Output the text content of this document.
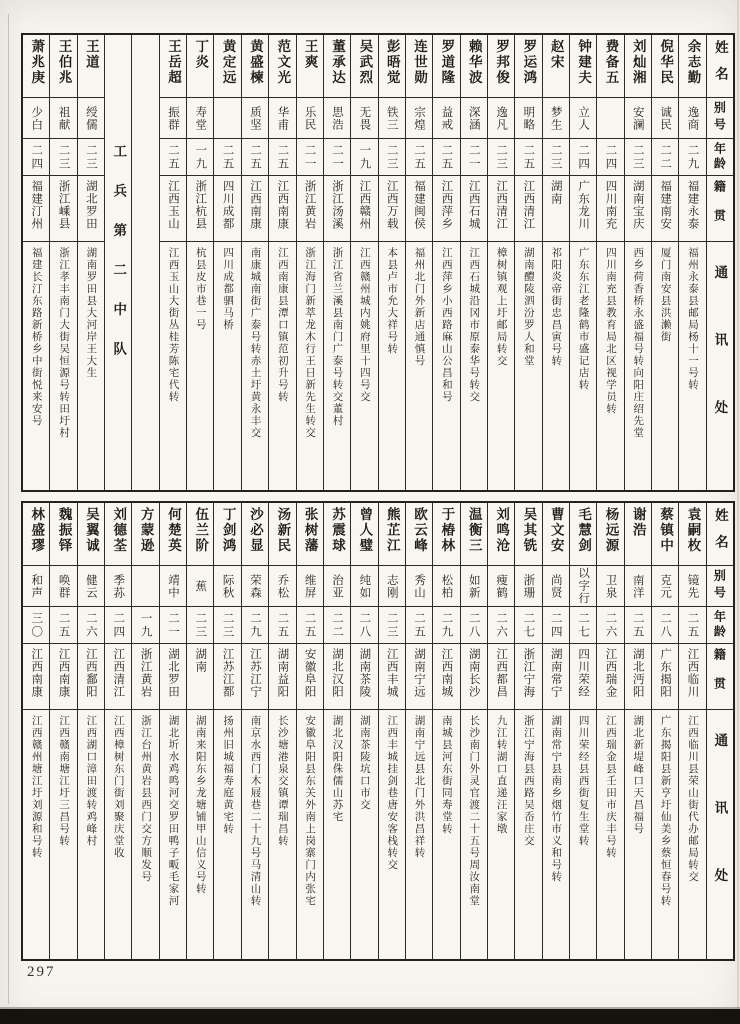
姓名
别号
年龄
籍贯
通讯处
余志勤
逸商
二九
福建永泰
福州永泰县邮局杨十一号转
倪华民
诚民
二二
福建南安
厦门南安县洪濑街
刘灿湘
安澜
二三
湖南宝庆
西乡荷香桥永盛福号转向阳庄绍先堂
费备五
二四
四川南充
四川南充县教育局北区视学员转
钟建夫
立人
二四
广东龙川
广东东江老隆鹤市盛记店转
赵宋
梦生
二三
湖南
祁阳炎帝街忠昌寅号转
罗运鸿
明略
二五
江西清江
湖南醴陵泗汾罗人和堂
罗邦俊
逸凡
二三
江西清江
樟树镇观上圩邮局转交
赖华波
深涵
二一
江西石城
江西石城沿冈市原泰华号转交
罗道隆
益戒
二五
江西萍乡
江西萍乡小西路麻山公昌和号
连世勋
宗煌
二五
福建闽侯
福州北门外新店通慎号
彭晤觉
铁三
二三
江西万载
本县卢市允大祥号转
吴武烈
无畏
一九
江西赣州
江西赣州城内姚府里十四号交
董承达
思浩
二一
浙江汤溪
浙江省兰溪县南门广泰号转交董村
王爽
乐民
二一
浙江黄岩
浙江海门新萃龙木行王日新先生转交
范文光
华甫
二五
江西南康
江西南康县潭口镇范初升号转
黄盛楝
质坚
二五
江西南康
南康城南街广泰号转赤土圩黄永丰交
黄定远
二五
四川成都
四川成都驷马桥
丁炎
寿堂
一九
浙江杭县
杭县皮市巷一号
王岳超
振群
二五
江西玉山
江西玉山大街丛桂芳陈宅代转
工兵第二中队
王道
绶儒
二三
湖北罗田
湖南罗田县大河岸王大生
王伯兆
祖献
二三
浙江嵊县
浙江孝丰南门大街吴恒源号转田圩村
萧兆庚
少白
二四
福建汀州
福建长汀东路新桥乡中街悦来安号
姓名
别号
年龄
籍贯
通讯处
袁嗣枚
镜先
二五
江西临川
江西临川县荣山街代办邮局转交
蔡镇中
克元
二八
广东揭阳
广东揭阳县新亨圩仙美乡蔡恒春号转
谢浩
南洋
二五
湖北沔阳
湖北新堤峰口天昌福号
杨远源
卫泉
二六
江西瑞金
江西瑞金县壬田市庆丰号转
毛慧剑
以字行
二七
四川荣经
四川荣经县西街复生堂转
曹文安
尚贤
二四
湖南常宁
湖南常宁县南乡烟竹市义和号转
吴其铣
浙珊
二七
浙江宁海
浙江宁海县西路吴岙庄交
刘鸣沧
瘦鹤
二六
江西都昌
九江转湖口直递汪家墩
温衡三
如新
二八
湖南长沙
长沙南门外灵官渡二十五号周汝南堂
于椿林
松柏
二九
江西南城
南城县河东街同寿堂转
欧云峰
秀山
二五
湖南宁远
湖南宁远县北门外洪昌祥转
熊芷江
志刚
二三
江西丰城
江西丰城挂剑巷唐安客栈转交
曾人璧
纯如
二八
湖南茶陵
湖南茶陵坑口市交
苏震球
治亚
二二
湖北汉阳
湖北汉阳侏儒山苏宅
张树藩
维屏
二五
安徽阜阳
安徽阜阳县东关外南上岗寨门内张宅
汤新民
乔松
二五
湖南益阳
长沙塘港泉交镇谭瑞昌转
沙必显
荣森
二九
江苏江宁
南京水西门木屐巷二十九号马清山转
丁剑鸿
际秋
二三
江苏江都
扬州旧城福寿庭黄宅转
伍兰阶
蕉
二三
湖南
湖南来阳东乡龙塘铺甲山信义号转
何楚英
靖中
二一
湖北罗田
湖北圻水鸡鸣河交罗田鸭子畈毛家河
方蒙逊
一九
浙江黄岩
浙江台州黄岩县西门交方顺发号
刘德荃
季荪
二四
江西清江
江西樟树东门街刘聚庆堂收
吴翼诚
健云
二六
江西鄱阳
江西湖口漳田渡转鸡峰村
魏振铎
唤群
二五
江西南康
江西赣南塘江圩三昌号转
林盛璆
和声
三〇
江西南康
江西赣州塘江圩刘源和号转
297
